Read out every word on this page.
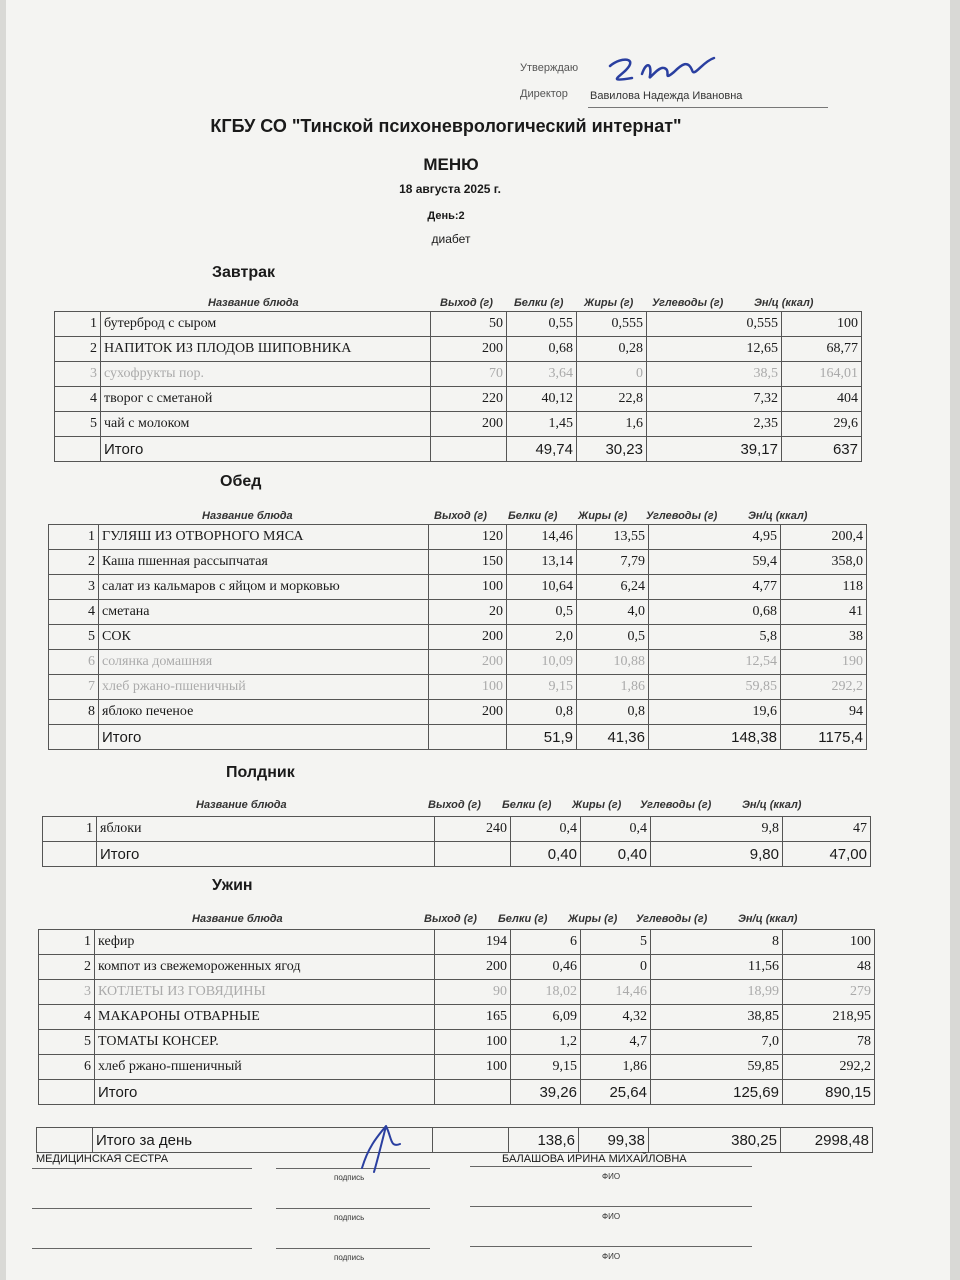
Утверждаю
Директор Вавилова Надежда Ивановна
КГБУ СО "Тинской психоневрологический интернат"
МЕНЮ
18 августа 2025 г.
День:2
диабет
Завтрак
Название блюда	Выход (г) Белки (г) Жиры (г) Углеводы (г)	Эн/ц (ккал)
1	бутерброд с сыром	50	0,55	0,555	0,555	100
2	НАПИТОК ИЗ ПЛОДОВ ШИПОВНИКА	200	0,68	0,28	12,65	68,77
3	сухофрукты пор.	70	3,64	0	38,5	164,01
4	творог с сметаной	220	40,12	22,8	7,32	404
5	чай с молоком	200	1,45	1,6	2,35	29,6
	Итого		49,74	30,23	39,17	637
Обед
Название блюда	Выход (г) Белки (г) Жиры (г) Углеводы (г)	Эн/ц (ккал)
1	ГУЛЯШ ИЗ ОТВОРНОГО МЯСА	120	14,46	13,55	4,95	200,4
2	Каша пшенная рассыпчатая	150	13,14	7,79	59,4	358,0
3	салат из кальмаров с яйцом и морковью	100	10,64	6,24	4,77	118
4	сметана	20	0,5	4,0	0,68	41
5	СОК	200	2,0	0,5	5,8	38
6	солянка домашняя	200	10,09	10,88	12,54	190
7	хлеб ржано-пшеничный	100	9,15	1,86	59,85	292,2
8	яблоко печеное	200	0,8	0,8	19,6	94
	Итого		51,9	41,36	148,38	1175,4
Полдник
Название блюда	Выход (г) Белки (г) Жиры (г) Углеводы (г)	Эн/ц (ккал)
1	яблоки	240	0,4	0,4	9,8	47
	Итого		0,40	0,40	9,80	47,00
Ужин
Название блюда	Выход (г) Белки (г) Жиры (г) Углеводы (г)	Эн/ц (ккал)
1	кефир	194	6	5	8	100
2	компот из свежемороженных ягод	200	0,46	0	11,56	48
3	КОТЛЕТЫ ИЗ ГОВЯДИНЫ	90	18,02	14,46	18,99	279
4	МАКАРОНЫ ОТВАРНЫЕ	165	6,09	4,32	38,85	218,95
5	ТОМАТЫ КОНСЕР.	100	1,2	4,7	7,0	78
6	хлеб ржано-пшеничный	100	9,15	1,86	59,85	292,2
	Итого		39,26	25,64	125,69	890,15
	Итого за день		138,6	99,38	380,25	2998,48
МЕДИЦИНСКАЯ СЕСТРА	БАЛАШОВА ИРИНА МИХАЙЛОВНА
подпись	ФИО
подпись	ФИО
подпись	ФИО
